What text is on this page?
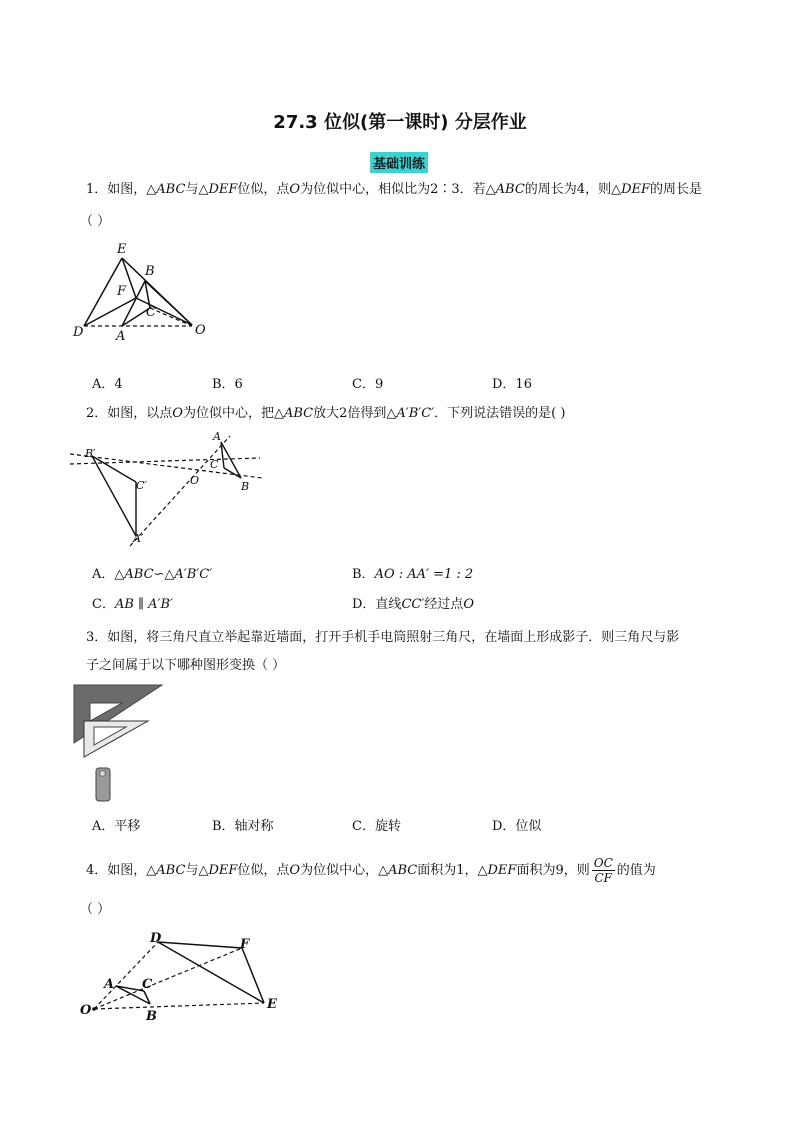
27.3 位似(第一课时) 分层作业
基础训练
1．如图，△ABC与△DEF位似，点O为位似中心，相似比为2∶3．若△ABC的周长为4，则△DEF的周长是
（ ）
E
B
F
C
D	A	O
A．4	B．6	C．9	D．16
2．如图，以点O为位似中心，把△ABC放大2倍得到△A′B′C′．下列说法错误的是( )
A
B′
C
O
C′	B
A′
A．△ABC∽△A′B′C′	B．AO : AA′ =1 : 2
C．AB ∥ A′B′	D．直线CC′经过点O
3．如图，将三角尺直立举起靠近墙面，打开手机手电筒照射三角尺，在墙面上形成影子．则三角尺与影
子之间属于以下哪种图形变换（ ）
A．平移	B．轴对称	C．旋转	D．位似
4．如图，△ABC与△DEF位似，点O为位似中心，△ABC面积为1，△DEF面积为9，则 $\frac{OC}{CF}$ 的值为
（ ）
D	F
A C
O	B
E
